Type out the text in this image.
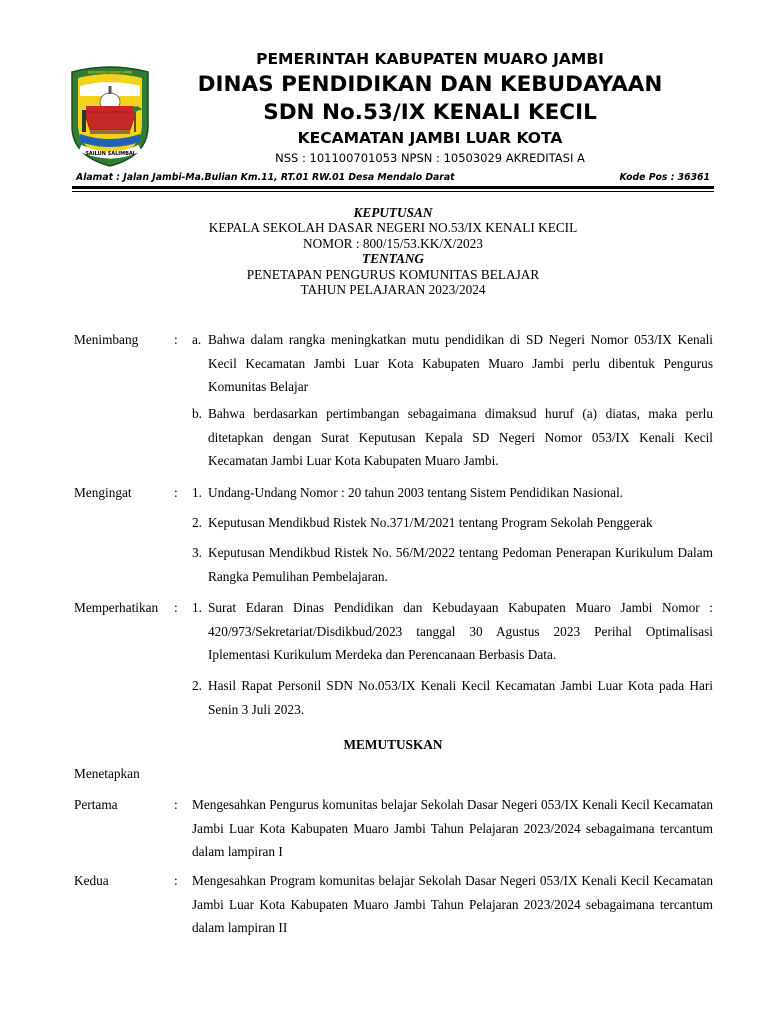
KABUPATEN MUARO JAMBI
SAILUN SALIMBAI
PEMERINTAH KABUPATEN MUARO JAMBI
DINAS PENDIDIKAN DAN KEBUDAYAAN
SDN No.53/IX KENALI KECIL
KECAMATAN JAMBI LUAR KOTA
NSS : 101100701053 NPSN : 10503029 AKREDITASI A
Alamat : Jalan Jambi-Ma.Bulian Km.11, RT.01 RW.01 Desa Mendalo Darat	Kode Pos : 36361
KEPUTUSAN
KEPALA SEKOLAH DASAR NEGERI NO.53/IX KENALI KECIL
NOMOR : 800/15/53.KK/X/2023
TENTANG
PENETAPAN PENGURUS KOMUNITAS BELAJAR
TAHUN PELAJARAN 2023/2024
Menimbang	: a. Bahwa dalam rangka meningkatkan mutu pendidikan di SD Negeri Nomor 053/IX Kenali Kecil Kecamatan Jambi Luar Kota Kabupaten Muaro Jambi perlu dibentuk Pengurus Komunitas Belajar
b. Bahwa berdasarkan pertimbangan sebagaimana dimaksud huruf (a) diatas, maka perlu ditetapkan dengan Surat Keputusan Kepala SD Negeri Nomor 053/IX Kenali Kecil Kecamatan Jambi Luar Kota Kabupaten Muaro Jambi.
Mengingat	: 1. Undang-Undang Nomor : 20 tahun 2003 tentang Sistem Pendidikan Nasional.
2. Keputusan Mendikbud Ristek No.371/M/2021 tentang Program Sekolah Penggerak
3. Keputusan Mendikbud Ristek No. 56/M/2022 tentang Pedoman Penerapan Kurikulum Dalam Rangka Pemulihan Pembelajaran.
Memperhatikan : 1. Surat Edaran Dinas Pendidikan dan Kebudayaan Kabupaten Muaro Jambi Nomor : 420/973/Sekretariat/Disdikbud/2023 tanggal 30 Agustus 2023 Perihal Optimalisasi Iplementasi Kurikulum Merdeka dan Perencanaan Berbasis Data.
2. Hasil Rapat Personil SDN No.053/IX Kenali Kecil Kecamatan Jambi Luar Kota pada Hari Senin 3 Juli 2023.
MEMUTUSKAN
Menetapkan
Pertama	: Mengesahkan Pengurus komunitas belajar Sekolah Dasar Negeri 053/IX Kenali Kecil Kecamatan Jambi Luar Kota Kabupaten Muaro Jambi Tahun Pelajaran 2023/2024 sebagaimana tercantum dalam lampiran I
Kedua	: Mengesahkan Program komunitas belajar Sekolah Dasar Negeri 053/IX Kenali Kecil Kecamatan Jambi Luar Kota Kabupaten Muaro Jambi Tahun Pelajaran 2023/2024 sebagaimana tercantum dalam lampiran II
